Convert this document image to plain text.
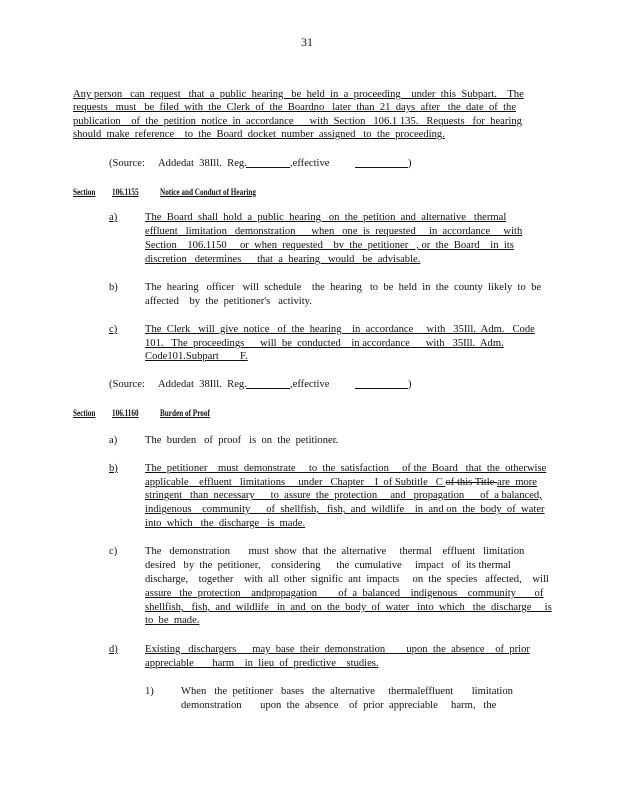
31
Any person   can  request   that  a  public  hearing   be  held  in  a  proceeding    under  this  Subpart.    The
requests   must   be  filed  with  the  Clerk  of  the  Boardno   later  than  21  days  after   the  date  of  the
publication    of  the  petition  notice  in  accordance      with  Section   106.1 135.   Requests   for  hearing
should  make  reference    to  the  Board  docket  number  assigned   to  the  proceeding.
(Source: Addedat  38Ill.  Reg.	,effective	)
Section 106.1155 Notice and Conduct of Hearing
a)	The  Board  shall  hold  a  public  hearing   on  the  petition  and  alternative   thermal
effluent   limitation   demonstration      when   one  is  requested     in  accordance     with
Section    106.1150     or  when  requested    bv  the  petitioner   , or  the  Board    in  its
discretion   determines      that  a  hearing   would   be  advisable.
b)	The  hearing   officer   will  schedule    the  hearing   to  be  held  in  the  county  likely  to  be
affected    by  the  petitioner's   activity.
c)	The  Clerk   will  give  notice   of  the  hearing    in  accordance     with   35Ill.  Adm.   Code
101.   The  proceedings      will  be  conducted    in accordance      with   35Ill.  Adm.
Code101.Subpart        F.
(Source: Addedat  38Ill.  Reg.	,effective	)
Section 106.1160 Burden of Proof
a)	The  burden   of  proof   is  on  the  petitioner.
b)	The  petitioner    must  demonstrate     to  the  satisfaction     of the  Board   that  the  otherwise
applicable    effluent   limitations     under   Chapter    I  of Subtitle   C of this Title are  more
stringent   than  necessary      to  assure  the  protection     and   propagation      of  a balanced,
indigenous    community      of  shellfish,   fish,  and  wildlife    in  and on  the  body  of  water
into  which   the  discharge   is  made.
c)	The   demonstration       must  show  that  the  alternative     thermal    effluent   limitation
desired   by  the  petitioner,    considering      the  cumulative     impact   of  its thermal
discharge,    together    with  all  other  signific  ant  impacts     on  the  species   affected,    will
assure   the  protection    andpropagation        of  a  balanced    indigenous    community       of
shellfish,   fish,  and  wildlife   in  and  on  the  body  of  water   into  which   the  discharge     is
to  be  made.
d)	Existing   dischargers      may  base  their  demonstration        upon  the  absence    of  prior
appreciable       harm    in  lieu  of  predictive    studies.
1)	When   the  petitioner   bases   the  alternative     thermaleffluent       limitation
demonstration       upon  the  absence    of  prior  appreciable     harm,   the
